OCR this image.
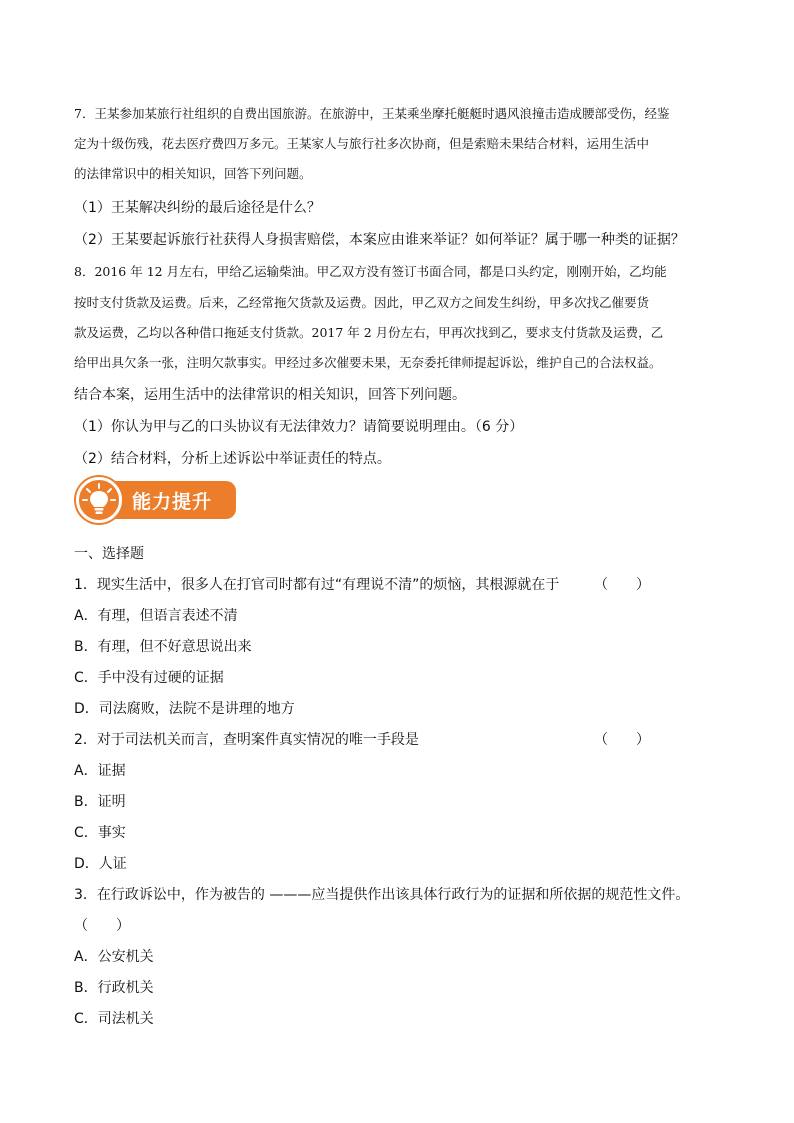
7．王某参加某旅行社组织的自费出国旅游。在旅游中，王某乘坐摩托艇艇时遇风浪撞击造成腰部受伤，经鉴
定为十级伤残，花去医疗费四万多元。王某家人与旅行社多次协商，但是索赔未果结合材料，运用生活中
的法律常识中的相关知识，回答下列问题。
（1）王某解决纠纷的最后途径是什么？
（2）王某要起诉旅行社获得人身损害赔偿，本案应由谁来举证？如何举证？属于哪一种类的证据？
8．2016 年 12 月左右，甲给乙运输柴油。甲乙双方没有签订书面合同，都是口头约定，刚刚开始，乙均能
按时支付货款及运费。后来，乙经常拖欠货款及运费。因此，甲乙双方之间发生纠纷，甲多次找乙催要货
款及运费，乙均以各种借口拖延支付货款。2017 年 2 月份左右，甲再次找到乙，要求支付货款及运费，乙
给甲出具欠条一张，注明欠款事实。甲经过多次催要未果，无奈委托律师提起诉讼，维护自己的合法权益。
结合本案，运用生活中的法律常识的相关知识，回答下列问题。
（1）你认为甲与乙的口头协议有无法律效力？请简要说明理由。（6 分）
（2）结合材料，分析上述诉讼中举证责任的特点。
能力提升
一、选择题
1．现实生活中，很多人在打官司时都有过“有理说不清”的烦恼，其根源就在于 （　　）
A．有理，但语言表述不清
B．有理，但不好意思说出来
C．手中没有过硬的证据
D．司法腐败，法院不是讲理的地方
2．对于司法机关而言，查明案件真实情况的唯一手段是	（　　）
A．证据
B．证明
C．事实
D．人证
3．在行政诉讼中，作为被告的 ———应当提供作出该具体行政行为的证据和所依据的规范性文件。
（　　）
A．公安机关
B．行政机关
C．司法机关
